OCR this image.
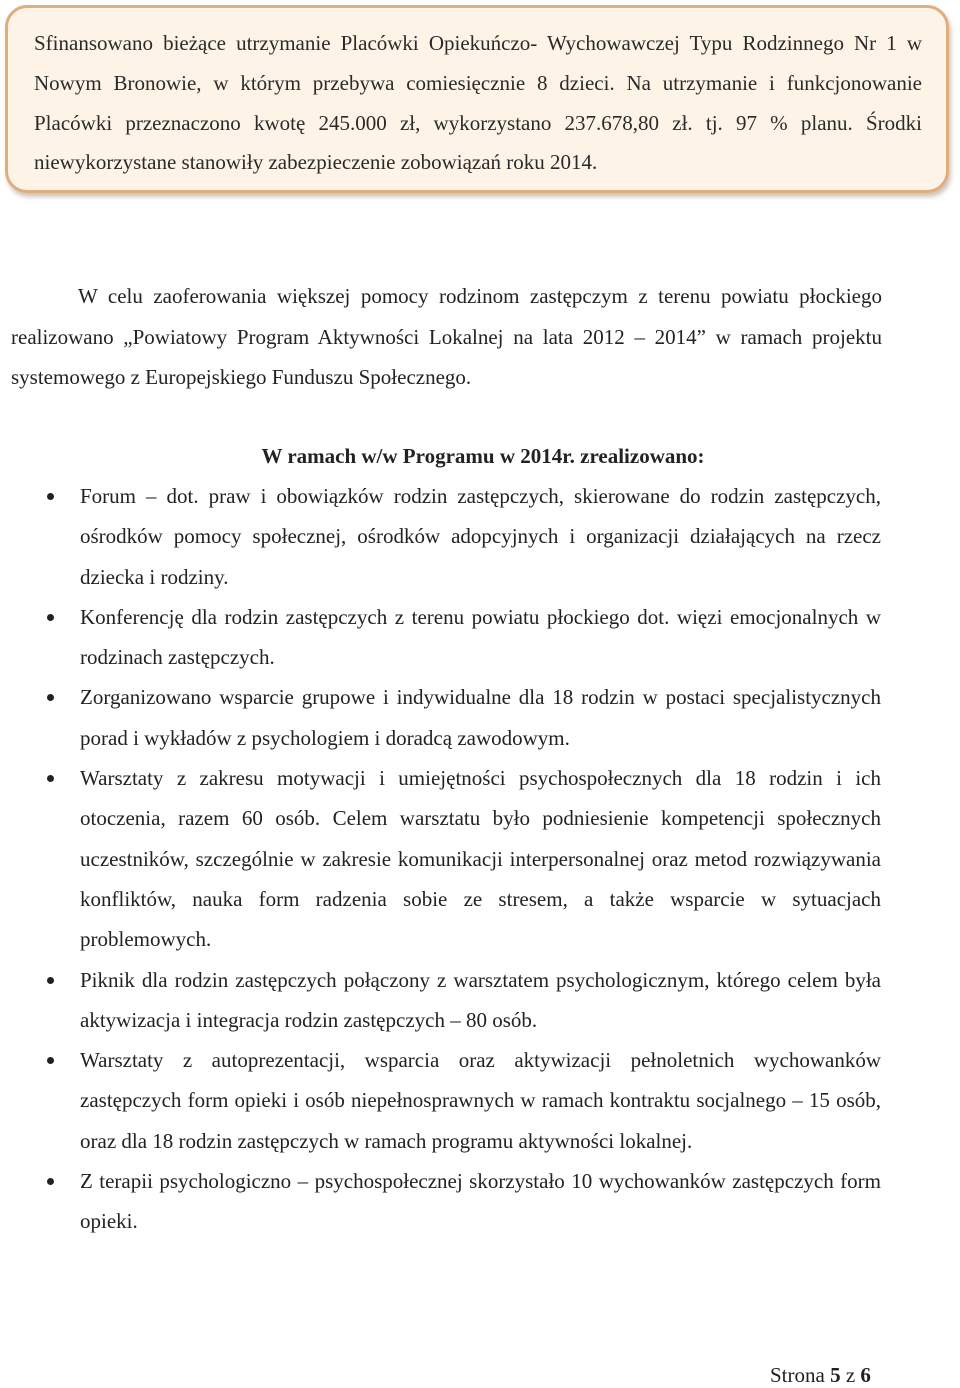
Sfinansowano bieżące utrzymanie Placówki Opiekuńczo- Wychowawczej Typu Rodzinnego Nr 1 w Nowym Bronowie, w którym przebywa comiesięcznie 8 dzieci. Na utrzymanie i funkcjonowanie Placówki przeznaczono kwotę 245.000 zł, wykorzystano 237.678,80 zł. tj. 97 % planu. Środki niewykorzystane stanowiły zabezpieczenie zobowiązań roku 2014.

W celu zaoferowania większej pomocy rodzinom zastępczym z terenu powiatu płockiego realizowano „Powiatowy Program Aktywności Lokalnej na lata 2012 – 2014” w ramach projektu systemowego z Europejskiego Funduszu Społecznego.

W ramach w/w Programu w 2014r. zrealizowano:
Forum – dot. praw i obowiązków rodzin zastępczych, skierowane do rodzin zastępczych, ośrodków pomocy społecznej, ośrodków adopcyjnych i organizacji działających na rzecz dziecka i rodziny.
Konferencję dla rodzin zastępczych z terenu powiatu płockiego dot. więzi emocjonalnych w rodzinach zastępczych.
Zorganizowano wsparcie grupowe i indywidualne dla 18 rodzin w postaci specjalistycznych porad i wykładów z psychologiem i doradcą zawodowym.
Warsztaty z zakresu motywacji i umiejętności psychospołecznych dla 18 rodzin i ich otoczenia, razem 60 osób. Celem warsztatu było podniesienie kompetencji społecznych uczestników, szczególnie w zakresie komunikacji interpersonalnej oraz metod rozwiązywania konfliktów, nauka form radzenia sobie ze stresem, a także wsparcie w sytuacjach problemowych.
Piknik dla rodzin zastępczych połączony z warsztatem psychologicznym, którego celem była aktywizacja i integracja rodzin zastępczych – 80 osób.
Warsztaty z autoprezentacji, wsparcia oraz aktywizacji pełnoletnich wychowanków zastępczych form opieki i osób niepełnosprawnych w ramach kontraktu socjalnego – 15 osób, oraz dla 18 rodzin zastępczych w ramach programu aktywności lokalnej.
Z terapii psychologiczno – psychospołecznej skorzystało 10 wychowanków zastępczych form opieki.
Strona 5 z 6
